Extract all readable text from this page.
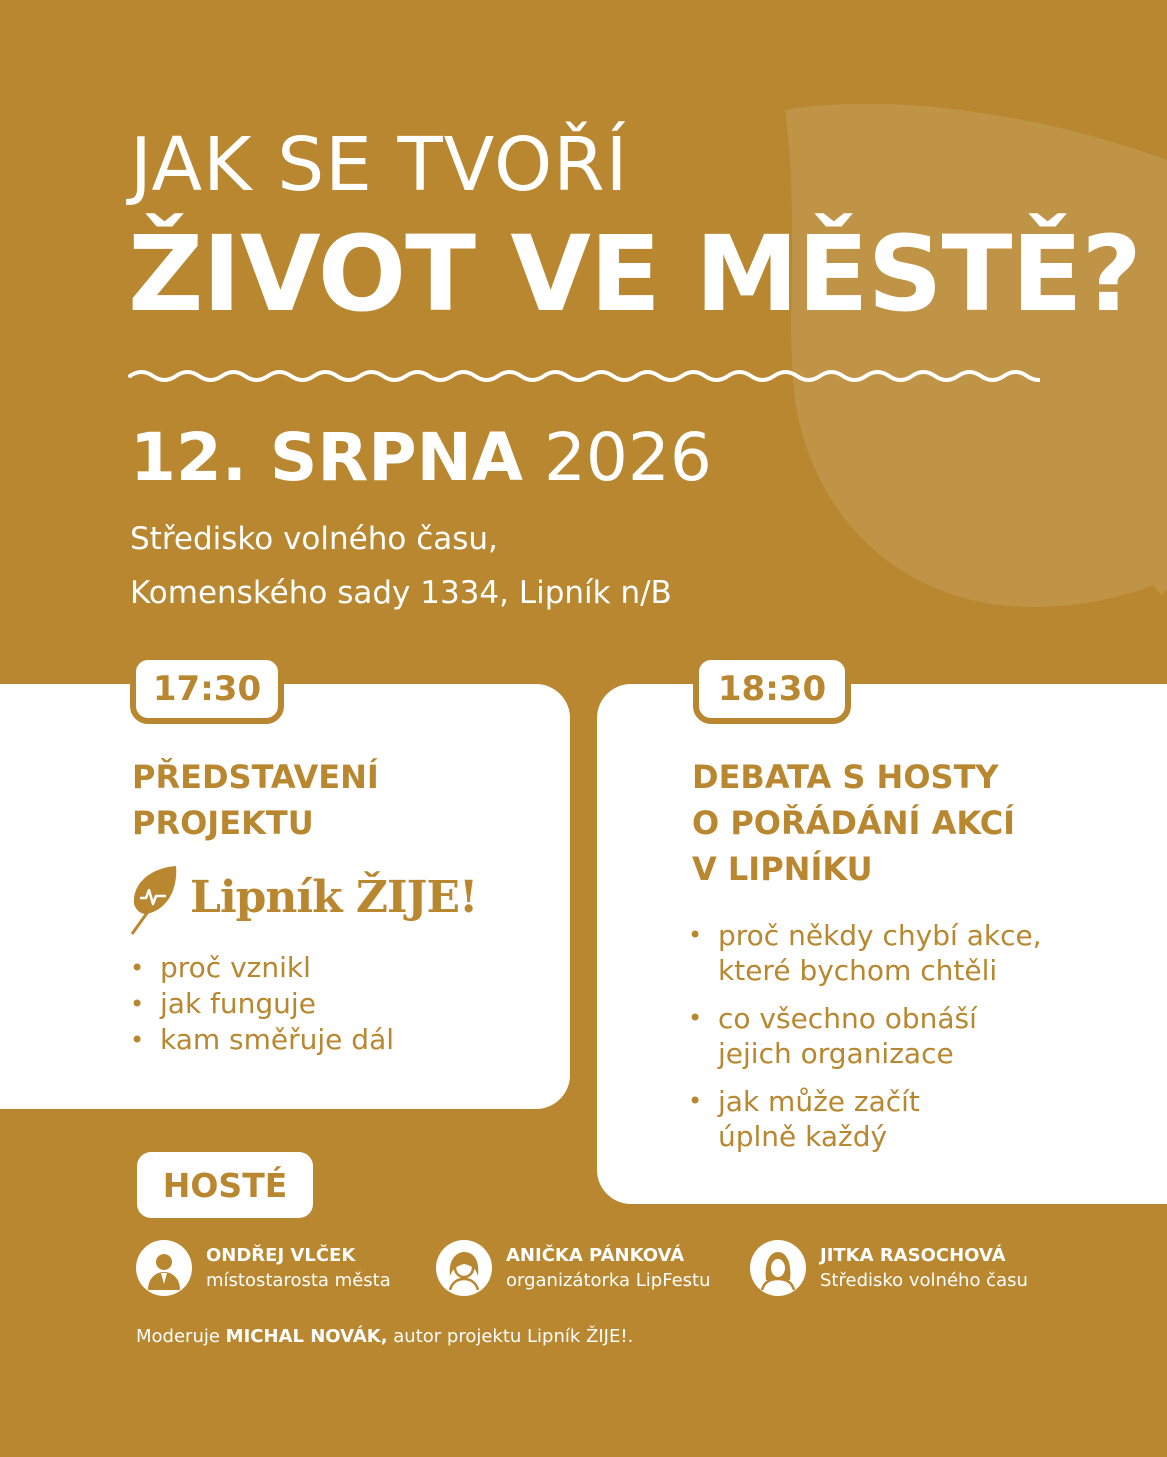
JAK SE TVOŘÍ
ŽIVOT VE MĚSTĚ?
12. SRPNA 2026
Středisko volného času,
Komenského sady 1334, Lipník n/B
17:30	18:30
PŘEDSTAVENÍ
PROJEKTU
Lipník ŽIJE!
• proč vznikl
• jak funguje
• kam směřuje dál
DEBATA S HOSTY
O POŘÁDÁNÍ AKCÍ
V LIPNÍKU
• proč někdy chybí akce,
které bychom chtěli
• co všechno obnáší
jejich organizace
• jak může začít
úplně každý
HOSTÉ
ONDŘEJ VLČEK
místostarosta města
ANIČKA PÁNKOVÁ
organizátorka LipFestu
JITKA RASOCHOVÁ
Středisko volného času
Moderuje MICHAL NOVÁK, autor projektu Lipník ŽIJE!.
